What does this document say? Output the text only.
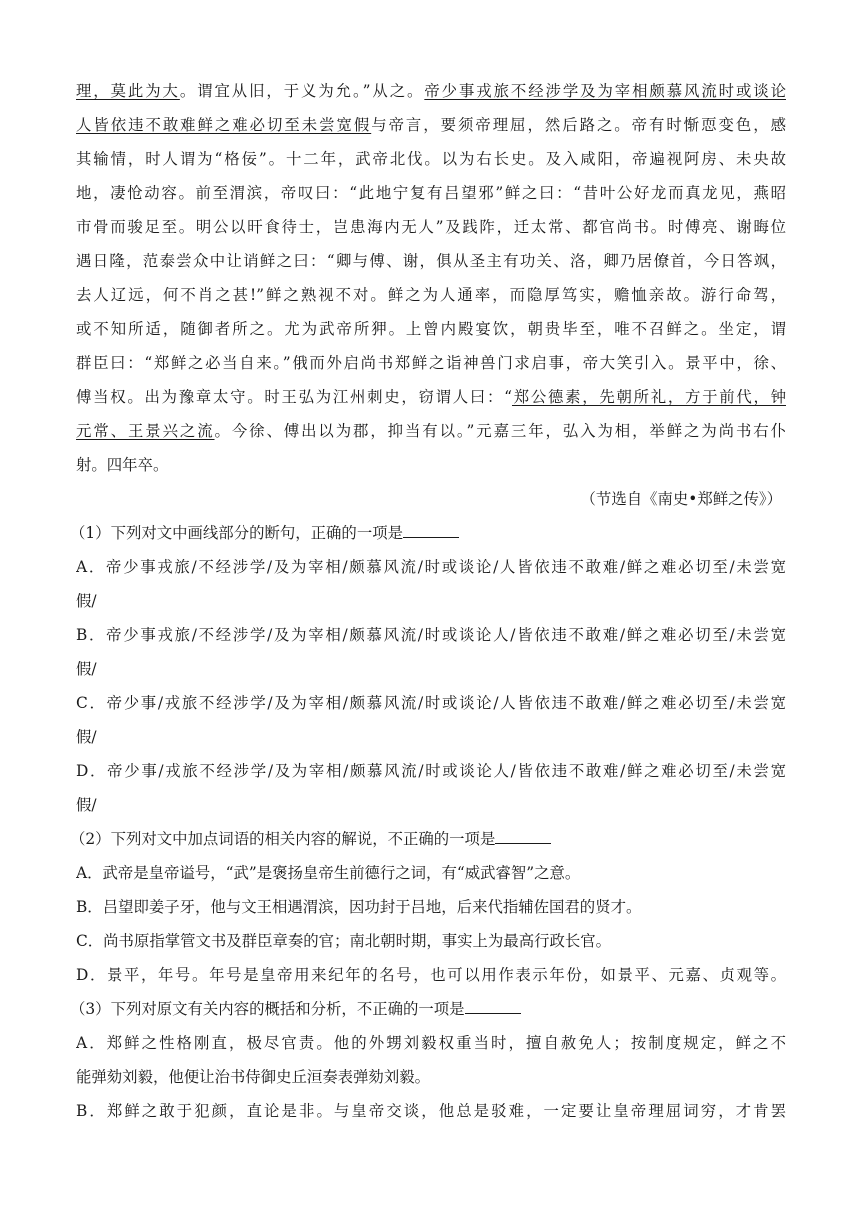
理，莫此为大。谓宜从旧，于义为允。”从之。帝少事戎旅不经涉学及为宰相颇慕风流时或谈论
人皆依违不敢难鲜之难必切至未尝宽假与帝言，要须帝理屈，然后路之。帝有时惭恧变色，感
其输情，时人谓为“格佞”。十二年，武帝北伐。以为右长史。及入咸阳，帝遍视阿房、未央故
地，凄怆动容。前至渭滨，帝叹曰：“此地宁复有吕望邪”鲜之曰：“昔叶公好龙而真龙见，燕昭
市骨而骏足至。明公以旰食待士，岂患海内无人”及践阼，迁太常、都官尚书。时傅亮、谢晦位
遇日隆，范泰尝众中让诮鲜之曰：“卿与傅、谢，俱从圣主有功关、洛，卿乃居僚首，今日答飒，
去人辽远，何不肖之甚!”鲜之熟视不对。鲜之为人通率，而隐厚笃实，赡恤亲故。游行命驾，
或不知所适，随御者所之。尤为武帝所狎。上曾内殿宴饮，朝贵毕至，唯不召鲜之。坐定，谓
群臣曰：“郑鲜之必当自来。”俄而外启尚书郑鲜之诣神兽门求启事，帝大笑引入。景平中，徐、
傅当权。出为豫章太守。时王弘为江州刺史，窃谓人曰：“郑公德素，先朝所礼，方于前代，钟
元常、王景兴之流。今徐、傅出以为郡，抑当有以。”元嘉三年，弘入为相，举鲜之为尚书右仆
射。四年卒。
（节选自《南史•郑鲜之传》）
（1）下列对文中画线部分的断句，正确的一项是
A．帝少事戎旅/不经涉学/及为宰相/颇慕风流/时或谈论/人皆依违不敢难/鲜之难必切至/未尝宽
假/
B．帝少事戎旅/不经涉学/及为宰相/颇慕风流/时或谈论人/皆依违不敢难/鲜之难必切至/未尝宽
假/
C．帝少事/戎旅不经涉学/及为宰相/颇慕风流/时或谈论/人皆依违不敢难/鲜之难必切至/未尝宽
假/
D．帝少事/戎旅不经涉学/及为宰相/颇慕风流/时或谈论人/皆依违不敢难/鲜之难必切至/未尝宽
假/
（2）下列对文中加点词语的相关内容的解说，不正确的一项是
A．武帝是皇帝谥号，“武”是褒扬皇帝生前德行之词，有“威武睿智”之意。
B．吕望即姜子牙，他与文王相遇渭滨，因功封于吕地，后来代指辅佐国君的贤才。
C．尚书原指掌管文书及群臣章奏的官；南北朝时期，事实上为最高行政长官。
D．景平，年号。年号是皇帝用来纪年的名号，也可以用作表示年份，如景平、元嘉、贞观等。
（3）下列对原文有关内容的概括和分析，不正确的一项是
A．郑鲜之性格刚直，极尽官责。他的外甥刘毅权重当时，擅自赦免人；按制度规定，鲜之不
能弹劾刘毅，他便让治书侍御史丘洹奏表弹劾刘毅。
B．郑鲜之敢于犯颜，直论是非。与皇帝交谈，他总是驳难，一定要让皇帝理屈词穷，才肯罢
